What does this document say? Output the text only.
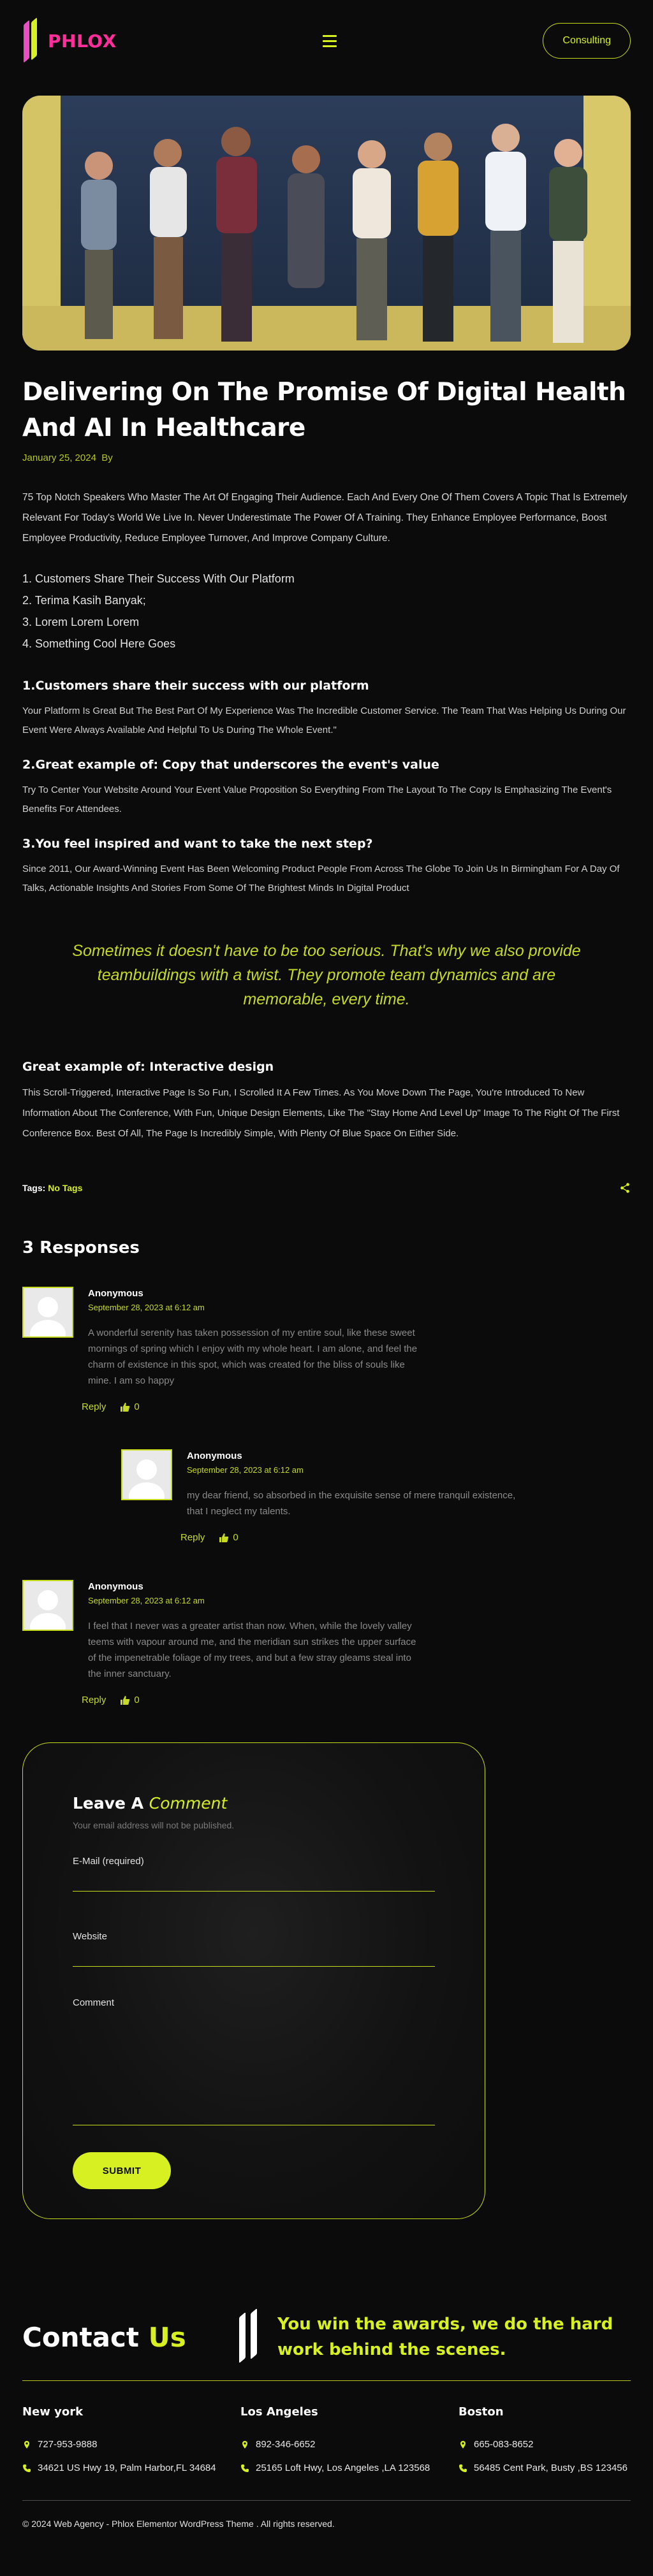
PHLOX	Consulting
Delivering On The Promise Of Digital Health And AI In Healthcare
January 25, 2024 By

75 Top Notch Speakers Who Master The Art Of Engaging Their Audience. Each And Every One Of Them Covers A Topic That Is Extremely Relevant For Today's World We Live In. Never Underestimate The Power Of A Training. They Enhance Employee Performance, Boost Employee Productivity, Reduce Employee Turnover, And Improve Company Culture.

1. Customers Share Their Success With Our Platform
2. Terima Kasih Banyak;
3. Lorem Lorem Lorem
4. Something Cool Here Goes
1.Customers share their success with our platform

Your Platform Is Great But The Best Part Of My Experience Was The Incredible Customer Service. The Team That Was Helping Us During Our Event Were Always Available And Helpful To Us During The Whole Event."

2.Great example of: Copy that underscores the event's value

Try To Center Your Website Around Your Event Value Proposition So Everything From The Layout To The Copy Is Emphasizing The Event's Benefits For Attendees.

3.You feel inspired and want to take the next step?

Since 2011, Our Award-Winning Event Has Been Welcoming Product People From Across The Globe To Join Us In Birmingham For A Day Of Talks, Actionable Insights And Stories From Some Of The Brightest Minds In Digital Product

Sometimes it doesn't have to be too serious. That's why we also provide teambuildings with a twist. They promote team dynamics and are memorable, every time.
Great example of: Interactive design

This Scroll-Triggered, Interactive Page Is So Fun, I Scrolled It A Few Times. As You Move Down The Page, You're Introduced To New Information About The Conference, With Fun, Unique Design Elements, Like The "Stay Home And Level Up" Image To The Right Of The First Conference Box. Best Of All, The Page Is Incredibly Simple, With Plenty Of Blue Space On Either Side.

Tags: No Tags
3 Responses
Anonymous
September 28, 2023 at 6:12 am

A wonderful serenity has taken possession of my entire soul, like these sweet mornings of spring which I enjoy with my whole heart. I am alone, and feel the charm of existence in this spot, which was created for the bliss of souls like mine. I am so happy

Reply	0
Anonymous
September 28, 2023 at 6:12 am

my dear friend, so absorbed in the exquisite sense of mere tranquil existence, that I neglect my talents.

Reply	0
Anonymous
September 28, 2023 at 6:12 am

I feel that I never was a greater artist than now. When, while the lovely valley teems with vapour around me, and the meridian sun strikes the upper surface of the impenetrable foliage of my trees, and but a few stray gleams steal into the inner sanctuary.

Reply	0
Leave A Comment

Your email address will not be published.

E-Mail (required)
Website
Comment
SUBMIT
Contact Us	You win the awards, we do the hard work behind the scenes.

New york
727-953-9888
34621 US Hwy 19, Palm Harbor,FL 34684
Los Angeles
892-346-6652
25165 Loft Hwy, Los Angeles ,LA 123568
Boston
665-083-8652
56485 Cent Park, Busty ,BS 123456
© 2024 Web Agency - Phlox Elementor WordPress Theme . All rights reserved.
